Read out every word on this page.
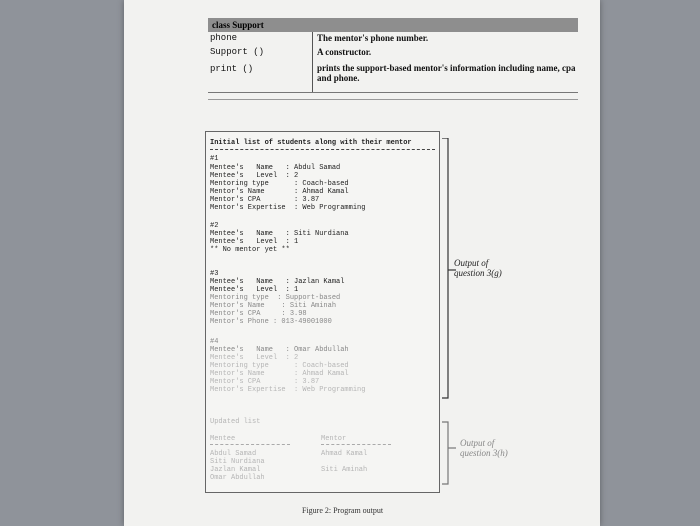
class Support
phone	The mentor's phone number.
Support ()	A constructor.
print ()	prints the support-based mentor's information including name, cpa and phone.
Initial list of students along with their mentor
#1
Mentee's   Name   : Abdul Samad
Mentee's   Level  : 2
Mentoring type      : Coach-based
Mentor's Name       : Ahmad Kamal
Mentor's CPA        : 3.87
Mentor's Expertise  : Web Programming
#2
Mentee's   Name   : Siti Nurdiana
Mentee's   Level  : 1
** No mentor yet **
#3
Mentee's   Name   : Jazlan Kamal
Mentee's   Level  : 1
Mentoring type  : Support-based
Mentor's Name    : Siti Aminah
Mentor's CPA     : 3.98
Mentor's Phone : 013-49001000
#4
Mentee's   Name   : Omar Abdullah
Mentee's   Level  : 2
Mentoring type      : Coach-based
Mentor's Name       : Ahmad Kamal
Mentor's CPA        : 3.87
Mentor's Expertise  : Web Programming
Updated list
Mentee	Mentor
Abdul Samad	Ahmad Kamal
Siti Nurdiana
Jazlan Kamal	Siti Aminah
Omar Abdullah
Output of
question 3(g)
Output of
question 3(h)
Figure 2: Program output
